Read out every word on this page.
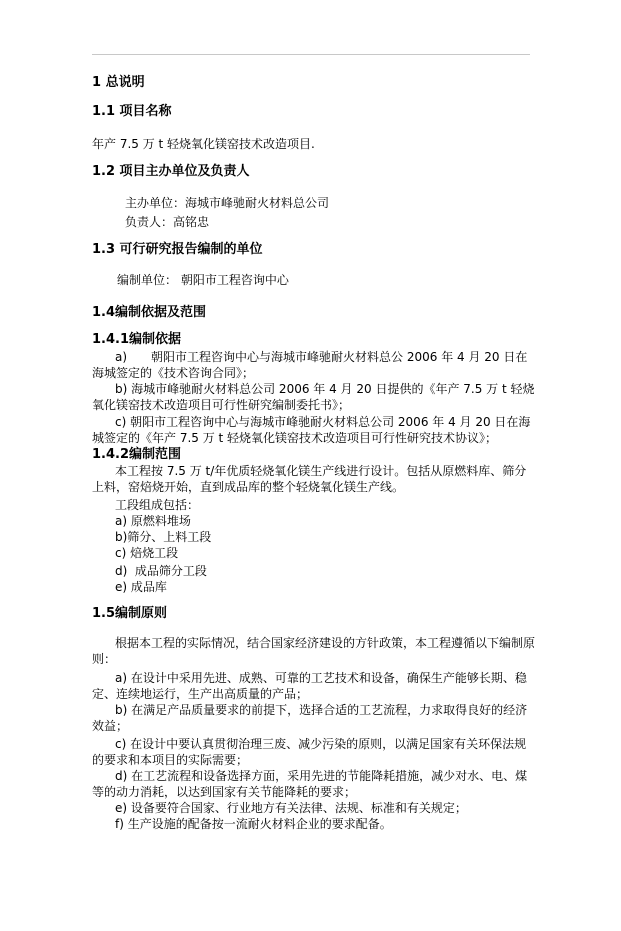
1 总说明
1.1 项目名称
年产 7.5 万 t 轻烧氧化镁窑技术改造项目.
1.2 项目主办单位及负责人
主办单位：海城市峰驰耐火材料总公司
负责人：高铭忠
1.3 可行研究报告编制的单位
编制单位： 朝阳市工程咨询中心
1.4编制依据及范围
1.4.1编制依据
a)　　朝阳市工程咨询中心与海城市峰驰耐火材料总公 2006 年 4 月 20 日在海城签定的《技术咨询合同》；
b) 海城市峰驰耐火材料总公司 2006 年 4 月 20 日提供的《年产 7.5 万 t 轻烧氧化镁窑技术改造项目可行性研究编制委托书》；
c) 朝阳市工程咨询中心与海城市峰驰耐火材料总公司 2006 年 4 月 20 日在海城签定的《年产 7.5 万 t 轻烧氧化镁窑技术改造项目可行性研究技术协议》；
1.4.2编制范围
本工程按 7.5 万 t/年优质轻烧氧化镁生产线进行设计。包括从原燃料库、筛分上料，窑焙烧开始，直到成品库的整个轻烧氧化镁生产线。
工段组成包括：
a) 原燃料堆场
b)筛分、上料工段
c) 焙烧工段
d)  成品筛分工段
e) 成品库
1.5编制原则
根据本工程的实际情况，结合国家经济建设的方针政策，本工程遵循以下编制原则：
a) 在设计中采用先进、成熟、可靠的工艺技术和设备，确保生产能够长期、稳定、连续地运行，生产出高质量的产品；
b) 在满足产品质量要求的前提下，选择合适的工艺流程，力求取得良好的经济效益；
c) 在设计中要认真贯彻治理三废、减少污染的原则，以满足国家有关环保法规的要求和本项目的实际需要；
d) 在工艺流程和设备选择方面，采用先进的节能降耗措施，减少对水、电、煤等的动力消耗，以达到国家有关节能降耗的要求；
e) 设备要符合国家、行业地方有关法律、法规、标准和有关规定；
f) 生产设施的配备按一流耐火材料企业的要求配备。
